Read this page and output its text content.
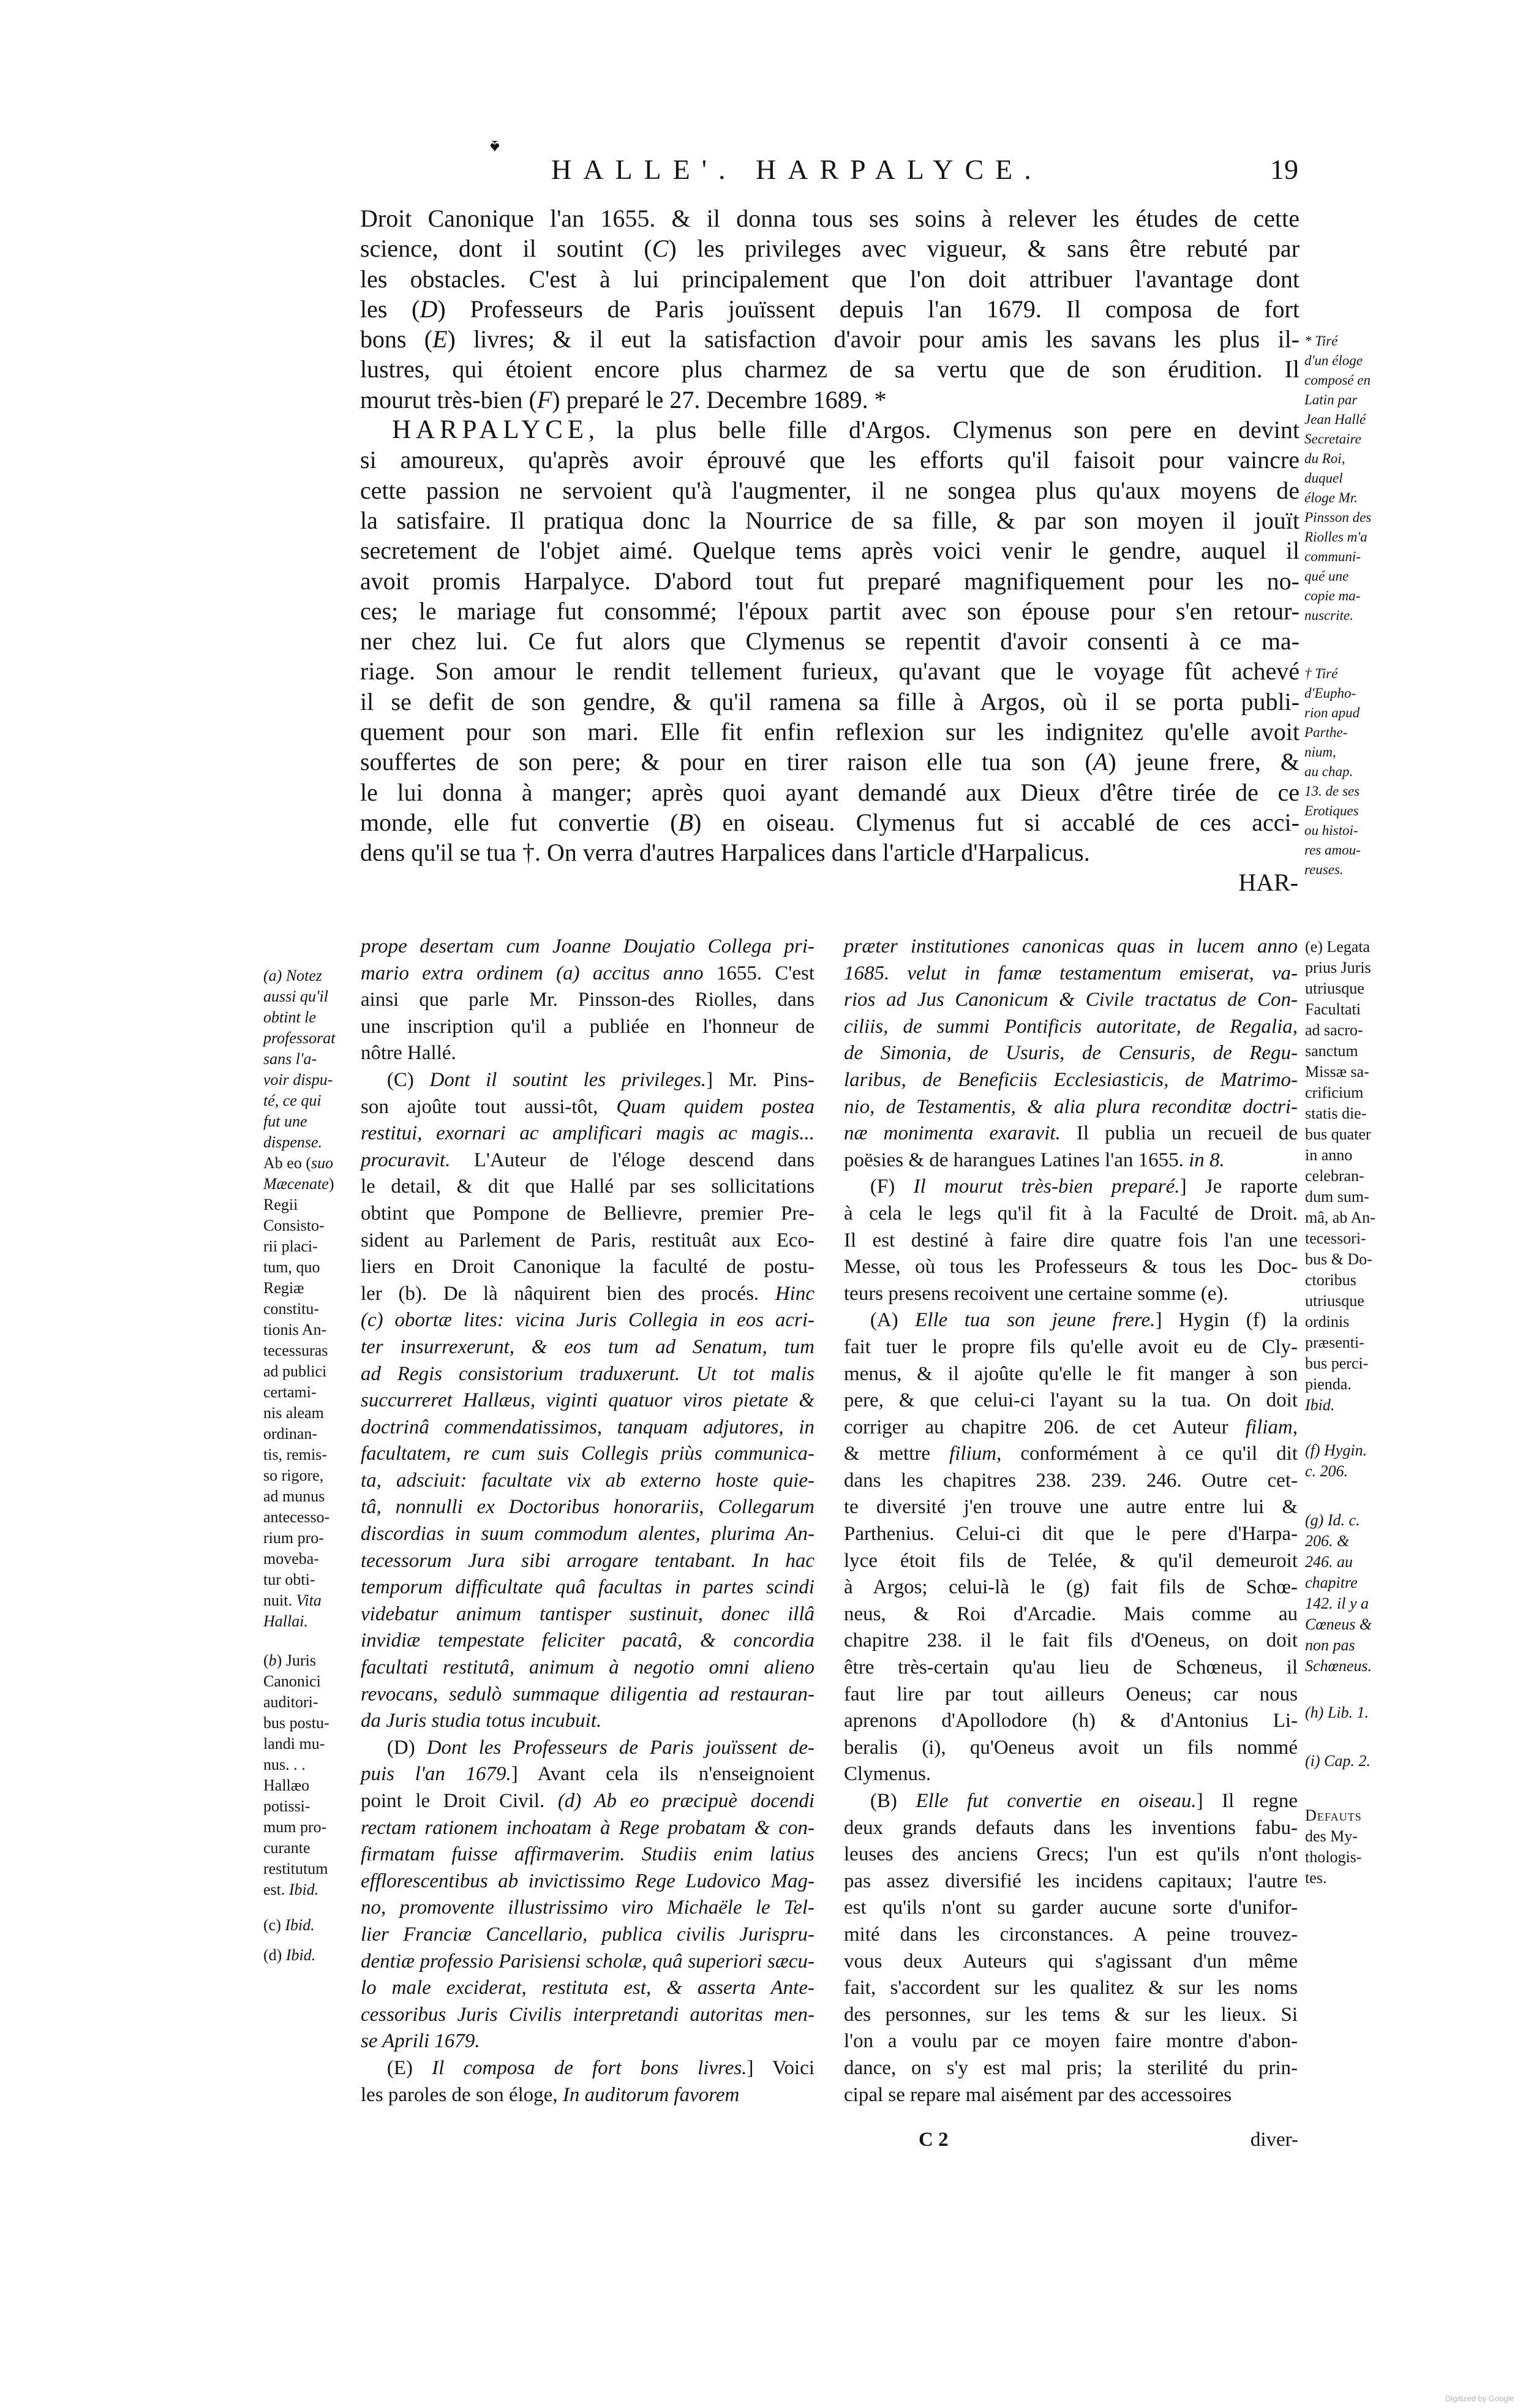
♠
HALLE'. HARPALYCE.	19
Droit Canonique l'an 1655. & il donna tous ses soins à relever les études de cette
science, dont il soutint (C) les privileges avec vigueur, & sans être rebuté par
les obstacles. C'est à lui principalement que l'on doit attribuer l'avantage dont
les (D) Professeurs de Paris jouïssent depuis l'an 1679. Il composa de fort
bons (E) livres; & il eut la satisfaction d'avoir pour amis les savans les plus il-
lustres, qui étoient encore plus charmez de sa vertu que de son érudition. Il
mourut très-bien (F) preparé le 27. Decembre 1689. *
HARPALYCE, la plus belle fille d'Argos. Clymenus son pere en devint
si amoureux, qu'après avoir éprouvé que les efforts qu'il faisoit pour vaincre
cette passion ne servoient qu'à l'augmenter, il ne songea plus qu'aux moyens de
la satisfaire. Il pratiqua donc la Nourrice de sa fille, & par son moyen il jouït
secretement de l'objet aimé. Quelque tems après voici venir le gendre, auquel il
avoit promis Harpalyce. D'abord tout fut preparé magnifiquement pour les no-
ces; le mariage fut consommé; l'époux partit avec son épouse pour s'en retour-
ner chez lui. Ce fut alors que Clymenus se repentit d'avoir consenti à ce ma-
riage. Son amour le rendit tellement furieux, qu'avant que le voyage fût achevé
il se defit de son gendre, & qu'il ramena sa fille à Argos, où il se porta publi-
quement pour son mari. Elle fit enfin reflexion sur les indignitez qu'elle avoit
souffertes de son pere; & pour en tirer raison elle tua son (A) jeune frere, &
le lui donna à manger; après quoi ayant demandé aux Dieux d'être tirée de ce
monde, elle fut convertie (B) en oiseau. Clymenus fut si accablé de ces acci-
dens qu'il se tua †. On verra d'autres Harpalices dans l'article d'Harpalicus.
HAR-
* Tiré
d'un éloge
composé en
Latin par
Jean Hallé
Secretaire
du Roi,
duquel
éloge Mr.
Pinsson des
Riolles m'a
communi-
qué une
copie ma-
nuscrite.
† Tiré
d'Eupho-
rion apud
Parthe-
nium,
au chap.
13. de ses
Erotiques
ou histoi-
res amou-
reuses.
prope desertam cum Joanne Doujatio Collega pri-
mario extra ordinem (a) accitus anno 1655. C'est
ainsi que parle Mr. Pinsson-des Riolles, dans
une inscription qu'il a publiée en l'honneur de
nôtre Hallé.
(C) Dont il soutint les privileges.] Mr. Pins-
son ajoûte tout aussi-tôt, Quam quidem postea
restitui, exornari ac amplificari magis ac magis...
procuravit. L'Auteur de l'éloge descend dans
le detail, & dit que Hallé par ses sollicitations
obtint que Pompone de Bellievre, premier Pre-
sident au Parlement de Paris, restituât aux Eco-
liers en Droit Canonique la faculté de postu-
ler (b). De là nâquirent bien des procés. Hinc
(c) obortæ lites: vicina Juris Collegia in eos acri-
ter insurrexerunt, & eos tum ad Senatum, tum
ad Regis consistorium traduxerunt. Ut tot malis
succurreret Hallæus, viginti quatuor viros pietate &
doctrinâ commendatissimos, tanquam adjutores, in
facultatem, re cum suis Collegis priùs communica-
ta, adsciuit: facultate vix ab externo hoste quie-
tâ, nonnulli ex Doctoribus honorariis, Collegarum
discordias in suum commodum alentes, plurima An-
tecessorum Jura sibi arrogare tentabant. In hac
temporum difficultate quâ facultas in partes scindi
videbatur animum tantisper sustinuit, donec illâ
invidiæ tempestate feliciter pacatâ, & concordia
facultati restitutâ, animum à negotio omni alieno
revocans, sedulò summaque diligentia ad restauran-
da Juris studia totus incubuit.
(D) Dont les Professeurs de Paris jouïssent de-
puis l'an 1679.] Avant cela ils n'enseignoient
point le Droit Civil. (d) Ab eo præcipuè docendi
rectam rationem inchoatam à Rege probatam & con-
firmatam fuisse affirmaverim. Studiis enim latius
efflorescentibus ab invictissimo Rege Ludovico Mag-
no, promovente illustrissimo viro Michaële le Tel-
lier Franciæ Cancellario, publica civilis Jurispru-
dentiæ professio Parisiensi scholæ, quâ superiori sæcu-
lo male exciderat, restituta est, & asserta Ante-
cessoribus Juris Civilis interpretandi autoritas men-
se Aprili 1679.
(E) Il composa de fort bons livres.] Voici
les paroles de son éloge, In auditorum favorem
præter institutiones canonicas quas in lucem anno
1685. velut in famæ testamentum emiserat, va-
rios ad Jus Canonicum & Civile tractatus de Con-
ciliis, de summi Pontificis autoritate, de Regalia,
de Simonia, de Usuris, de Censuris, de Regu-
laribus, de Beneficiis Ecclesiasticis, de Matrimo-
nio, de Testamentis, & alia plura reconditæ doctri-
næ monimenta exaravit. Il publia un recueil de
poësies & de harangues Latines l'an 1655. in 8.
(F) Il mourut très-bien preparé.] Je raporte
à cela le legs qu'il fit à la Faculté de Droit.
Il est destiné à faire dire quatre fois l'an une
Messe, où tous les Professeurs & tous les Doc-
teurs presens recoivent une certaine somme (e).
(A) Elle tua son jeune frere.] Hygin (f) la
fait tuer le propre fils qu'elle avoit eu de Cly-
menus, & il ajoûte qu'elle le fit manger à son
pere, & que celui-ci l'ayant su la tua. On doit
corriger au chapitre 206. de cet Auteur filiam,
& mettre filium, conformément à ce qu'il dit
dans les chapitres 238. 239. 246. Outre cet-
te diversité j'en trouve une autre entre lui &
Parthenius. Celui-ci dit que le pere d'Harpa-
lyce étoit fils de Telée, & qu'il demeuroit
à Argos; celui-là le (g) fait fils de Schœ-
neus, & Roi d'Arcadie. Mais comme au
chapitre 238. il le fait fils d'Oeneus, on doit
être très-certain qu'au lieu de Schœneus, il
faut lire par tout ailleurs Oeneus; car nous
aprenons d'Apollodore (h) & d'Antonius Li-
beralis (i), qu'Oeneus avoit un fils nommé
Clymenus.
(B) Elle fut convertie en oiseau.] Il regne
deux grands defauts dans les inventions fabu-
leuses des anciens Grecs; l'un est qu'ils n'ont
pas assez diversifié les incidens capitaux; l'autre
est qu'ils n'ont su garder aucune sorte d'unifor-
mité dans les circonstances. A peine trouvez-
vous deux Auteurs qui s'agissant d'un même
fait, s'accordent sur les qualitez & sur les noms
des personnes, sur les tems & sur les lieux. Si
l'on a voulu par ce moyen faire montre d'abon-
dance, on s'y est mal pris; la sterilité du prin-
cipal se repare mal aisément par des accessoires
(a) Notez
aussi qu'il
obtint le
professorat
sans l'a-
voir dispu-
té, ce qui
fut une
dispense.
Ab eo (suo
Mæcenate)
Regii
Consisto-
rii placi-
tum, quo
Regiæ
constitu-
tionis An-
tecessuras
ad publici
certami-
nis aleam
ordinan-
tis, remis-
so rigore,
ad munus
antecesso-
rium pro-
moveba-
tur obti-
nuit. Vita
Hallai.
(b) Juris
Canonici
auditori-
bus postu-
landi mu-
nus. . .
Hallæo
potissi-
mum pro-
curante
restitutum
est. Ibid.
(c) Ibid.
(d) Ibid.
(e) Legata
prius Juris
utriusque
Facultati
ad sacro-
sanctum
Missæ sa-
crificium
statis die-
bus quater
in anno
celebran-
dum sum-
mâ, ab An-
tecessori-
bus & Do-
ctoribus
utriusque
ordinis
præsenti-
bus perci-
pienda.
Ibid.
(f) Hygin.
c. 206.
(g) Id. c.
206. &
246. au
chapitre
142. il y a
Cœneus &
non pas
Schœneus.
(h) Lib. 1.
(i) Cap. 2.
Defauts
des My-
thologis-
tes.
C 2	diver-
Digitized by Google
